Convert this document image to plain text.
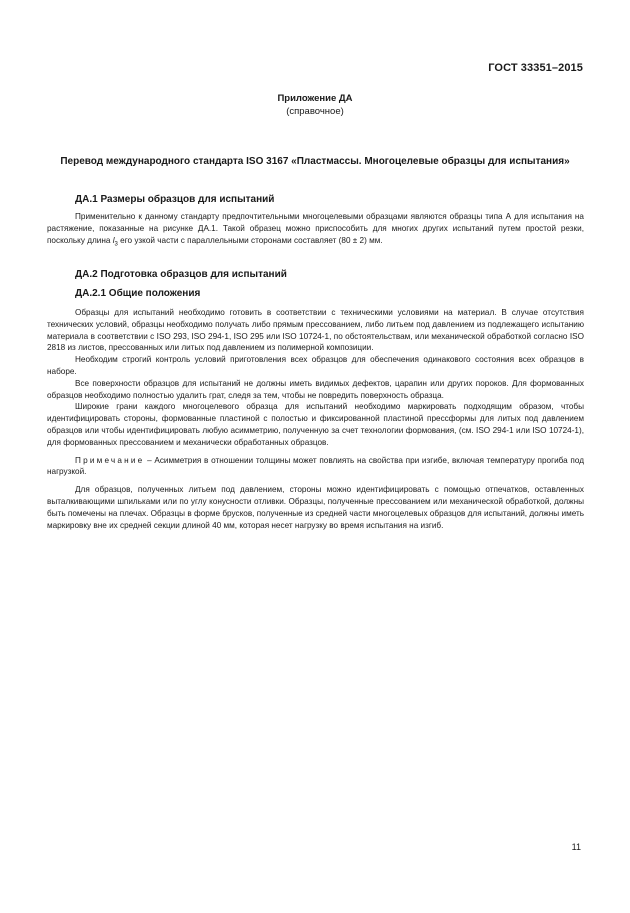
ГОСТ 33351–2015
Приложение ДА
(справочное)
Перевод международного стандарта ISO 3167 «Пластмассы. Многоцелевые образцы для испытания»
ДА.1 Размеры образцов для испытаний

Применительно к данному стандарту предпочтительными многоцелевыми образцами являются образцы типа А для испытания на растяжение, показанные на рисунке ДА.1. Такой образец можно приспособить для многих других испытаний путем простой резки, поскольку длина $l_3$ его узкой части с параллельными сторонами составляет (80 ± 2) мм.

ДА.2 Подготовка образцов для испытаний
ДА.2.1 Общие положения

Образцы для испытаний необходимо готовить в соответствии с техническими условиями на материал. В случае отсутствия технических условий, образцы необходимо получать либо прямым прессованием, либо литьем под давлением из подлежащего испытанию материала в соответствии с ISO 293, ISO 294-1, ISO 295 или ISO 10724-1, по обстоятельствам, или механической обработкой согласно ISO 2818 из листов, прессованных или литых под давлением из полимерной композиции.

Необходим строгий контроль условий приготовления всех образцов для обеспечения одинакового состояния всех образцов в наборе.

Все поверхности образцов для испытаний не должны иметь видимых дефектов, царапин или других пороков. Для формованных образцов необходимо полностью удалить грат, следя за тем, чтобы не повредить поверхность образца.

Широкие грани каждого многоцелевого образца для испытаний необходимо маркировать подходящим образом, чтобы идентифицировать стороны, формованные пластиной с полостью и фиксированной пластиной прессформы для литых под давлением образцов или чтобы идентифицировать любую асимметрию, полученную за счет технологии формования, (см. ISO 294-1 или ISO 10724-1), для формованных прессованием и механически обработанных образцов.

Примечание – Асимметрия в отношении толщины может повлиять на свойства при изгибе, включая температуру прогиба под нагрузкой.

Для образцов, полученных литьем под давлением, стороны можно идентифицировать с помощью отпечатков, оставленных выталкивающими шпильками или по углу конусности отливки. Образцы, полученные прессованием или механической обработкой, должны быть помечены на плечах. Образцы в форме брусков, полученные из средней части многоцелевых образцов для испытаний, должны иметь маркировку вне их средней секции длиной 40 мм, которая несет нагрузку во время испытания на изгиб.

11
